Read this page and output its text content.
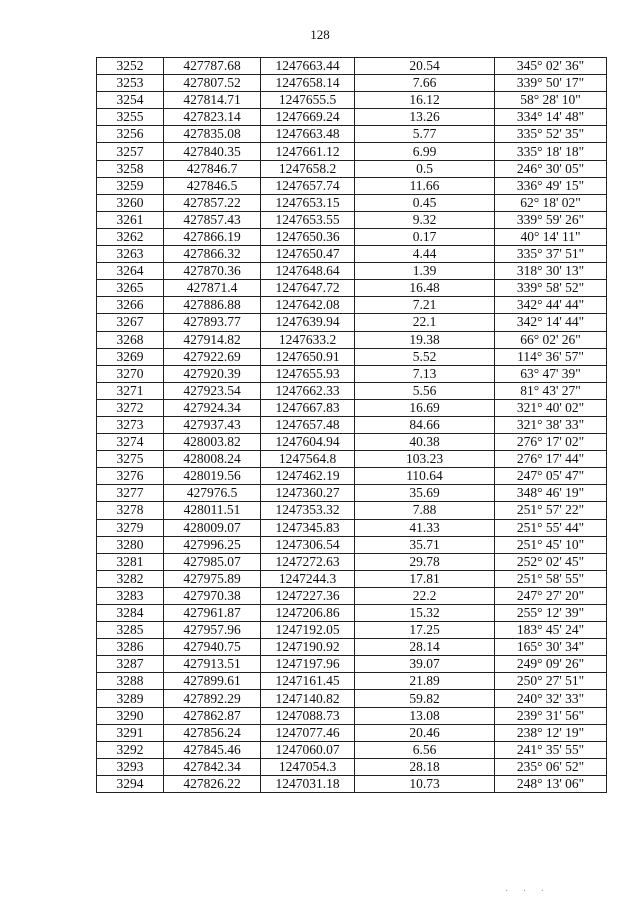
128
3252	427787.68	1247663.44	20.54	345° 02' 36"
3253	427807.52	1247658.14	7.66	339° 50' 17"
3254	427814.71	1247655.5	16.12	58° 28' 10"
3255	427823.14	1247669.24	13.26	334° 14' 48"
3256	427835.08	1247663.48	5.77	335° 52' 35"
3257	427840.35	1247661.12	6.99	335° 18' 18"
3258	427846.7	1247658.2	0.5	246° 30' 05"
3259	427846.5	1247657.74	11.66	336° 49' 15"
3260	427857.22	1247653.15	0.45	62° 18' 02"
3261	427857.43	1247653.55	9.32	339° 59' 26"
3262	427866.19	1247650.36	0.17	40° 14' 11"
3263	427866.32	1247650.47	4.44	335° 37' 51"
3264	427870.36	1247648.64	1.39	318° 30' 13"
3265	427871.4	1247647.72	16.48	339° 58' 52"
3266	427886.88	1247642.08	7.21	342° 44' 44"
3267	427893.77	1247639.94	22.1	342° 14' 44"
3268	427914.82	1247633.2	19.38	66° 02' 26"
3269	427922.69	1247650.91	5.52	114° 36' 57"
3270	427920.39	1247655.93	7.13	63° 47' 39"
3271	427923.54	1247662.33	5.56	81° 43' 27"
3272	427924.34	1247667.83	16.69	321° 40' 02"
3273	427937.43	1247657.48	84.66	321° 38' 33"
3274	428003.82	1247604.94	40.38	276° 17' 02"
3275	428008.24	1247564.8	103.23	276° 17' 44"
3276	428019.56	1247462.19	110.64	247° 05' 47"
3277	427976.5	1247360.27	35.69	348° 46' 19"
3278	428011.51	1247353.32	7.88	251° 57' 22"
3279	428009.07	1247345.83	41.33	251° 55' 44"
3280	427996.25	1247306.54	35.71	251° 45' 10"
3281	427985.07	1247272.63	29.78	252° 02' 45"
3282	427975.89	1247244.3	17.81	251° 58' 55"
3283	427970.38	1247227.36	22.2	247° 27' 20"
3284	427961.87	1247206.86	15.32	255° 12' 39"
3285	427957.96	1247192.05	17.25	183° 45' 24"
3286	427940.75	1247190.92	28.14	165° 30' 34"
3287	427913.51	1247197.96	39.07	249° 09' 26"
3288	427899.61	1247161.45	21.89	250° 27' 51"
3289	427892.29	1247140.82	59.82	240° 32' 33"
3290	427862.87	1247088.73	13.08	239° 31' 56"
3291	427856.24	1247077.46	20.46	238° 12' 19"
3292	427845.46	1247060.07	6.56	241° 35' 55"
3293	427842.34	1247054.3	28.18	235° 06' 52"
3294	427826.22	1247031.18	10.73	248° 13' 06"
· · ·
